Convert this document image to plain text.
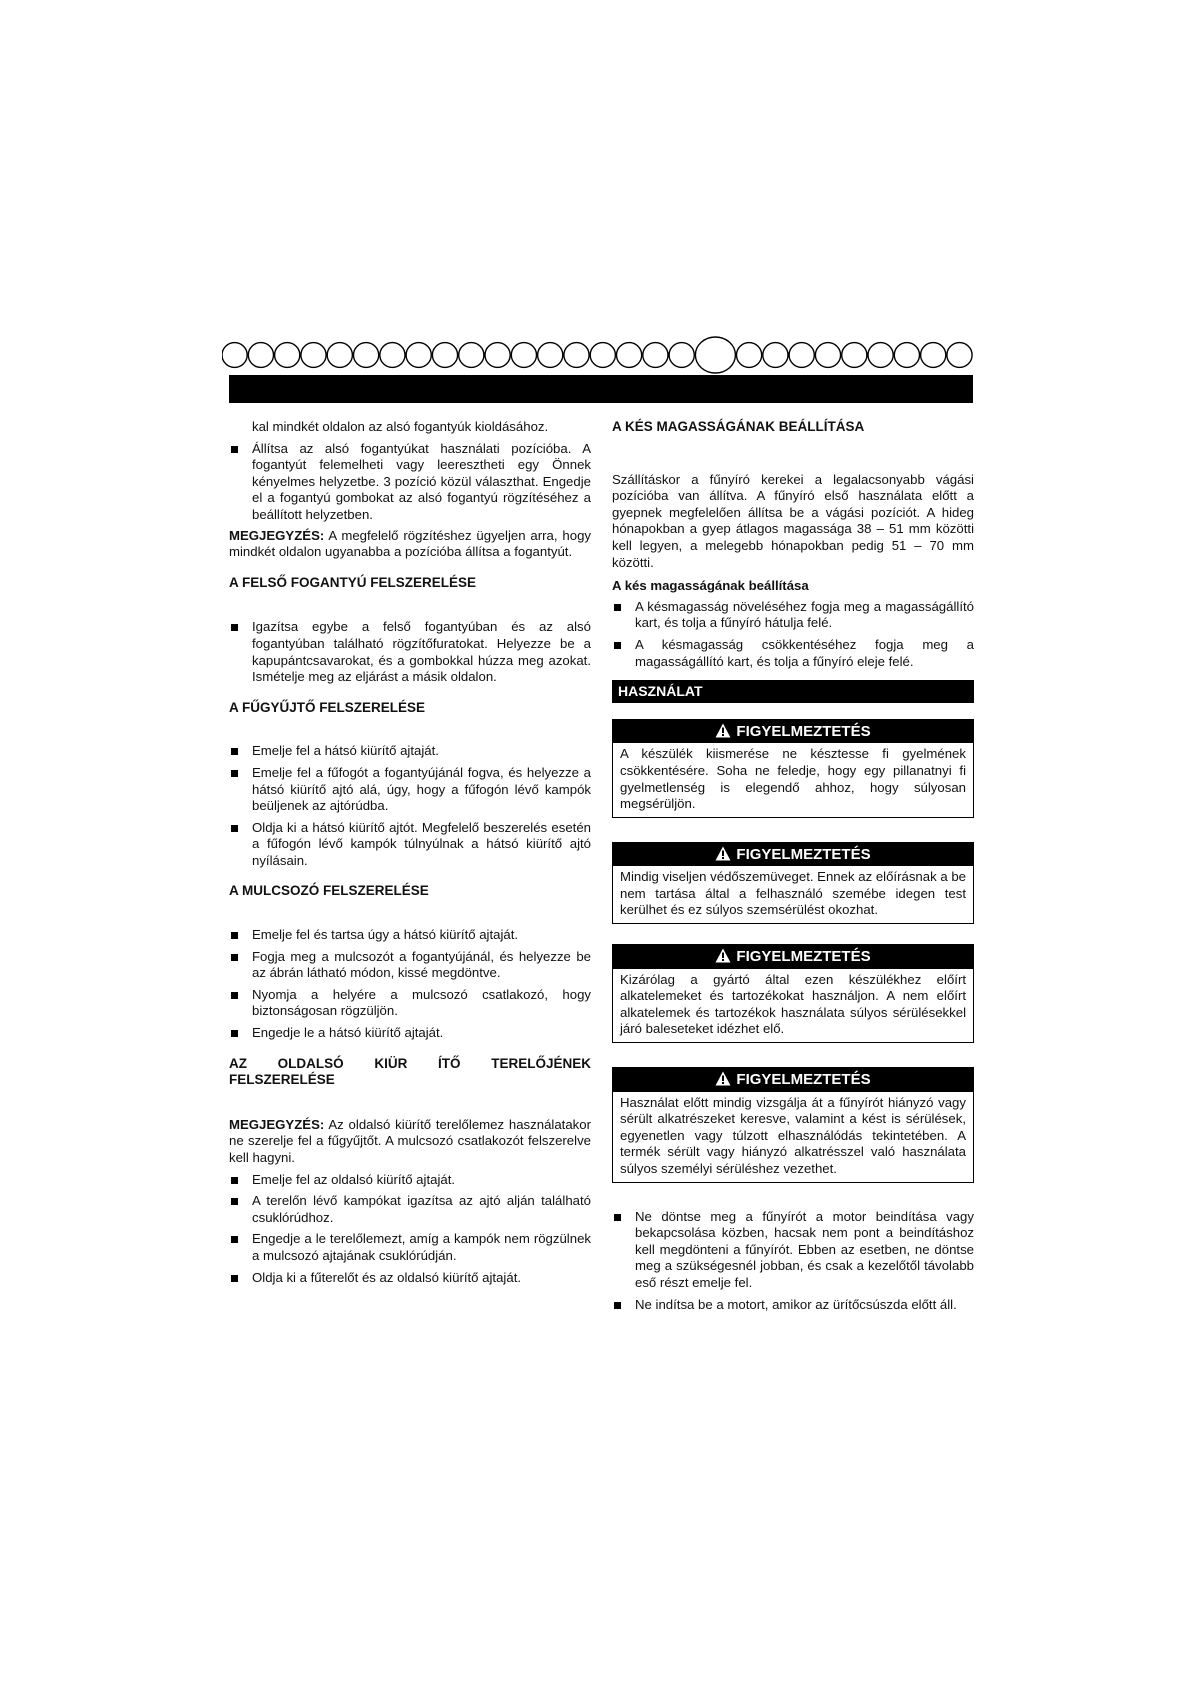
kal mindkét oldalon az alsó fogantyúk kioldásához.

Állítsa az alsó fogantyúkat használati pozícióba. A fogantyút felemelheti vagy leeresztheti egy Önnek kényelmes helyzetbe. 3 pozíció közül választhat. Engedje el a fogantyú gombokat az alsó fogantyú rögzítéséhez a beállított helyzetben.

MEGJEGYZÉS: A megfelelő rögzítéshez ügyeljen arra, hogy mindkét oldalon ugyanabba a pozícióba állítsa a fogantyút.

A FELSŐ FOGANTYÚ FELSZERELÉSE

Igazítsa egybe a felső fogantyúban és az alsó fogantyúban található rögzítőfuratokat. Helyezze be a kapupántcsavarokat, és a gombokkal húzza meg azokat. Ismételje meg az eljárást a másik oldalon.

A FŰGYŰJTŐ FELSZERELÉSE

Emelje fel a hátsó kiürítő ajtaját.
Emelje fel a fűfogót a fogantyújánál fogva, és helyezze a hátsó kiürítő ajtó alá, úgy, hogy a fűfogón lévő kampók beüljenek az ajtórúdba.
Oldja ki a hátsó kiürítő ajtót. Megfelelő beszerelés esetén a fűfogón lévő kampók túlnyúlnak a hátsó kiürítő ajtó nyílásain.

A MULCSOZÓ FELSZERELÉSE

Emelje fel és tartsa úgy a hátsó kiürítő ajtaját.
Fogja meg a mulcsozót a fogantyújánál, és helyezze be az ábrán látható módon, kissé megdöntve.
Nyomja a helyére a mulcsozó csatlakozó, hogy biztonságosan rögzüljön.
Engedje le a hátsó kiürítő ajtaját.

AZ OLDALSÓ KIÜR ÍTŐ TERELŐJÉNEK FELSZERELÉSE

MEGJEGYZÉS: Az oldalsó kiürítő terelőlemez használatakor ne szerelje fel a fűgyűjtőt. A mulcsozó csatlakozót felszerelve kell hagyni.

Emelje fel az oldalsó kiürítő ajtaját.
A terelőn lévő kampókat igazítsa az ajtó alján található csuklórúdhoz.
Engedje a le terelőlemezt, amíg a kampók nem rögzülnek a mulcsozó ajtajának csuklórúdján.
Oldja ki a fűterelőt és az oldalsó kiürítő ajtaját.

A KÉS MAGASSÁGÁNAK BEÁLLÍTÁSA

Szállításkor a fűnyíró kerekei a legalacsonyabb vágási pozícióba van állítva. A fűnyíró első használata előtt a gyepnek megfelelően állítsa be a vágási pozíciót. A hideg hónapokban a gyep átlagos magassága 38 – 51 mm közötti kell legyen, a melegebb hónapokban pedig 51 – 70 mm közötti.

A kés magasságának beállítása

A késmagasság növeléséhez fogja meg a magasságállító kart, és tolja a fűnyíró hátulja felé.
A késmagasság csökkentéséhez fogja meg a magasságállító kart, és tolja a fűnyíró eleje felé.
HASZNÁLAT
FIGYELMEZTETÉS
A készülék kiismerése ne késztesse fi gyelmének csökkentésére. Soha ne feledje, hogy egy pillanatnyi fi gyelmetlenség is elegendő ahhoz, hogy súlyosan megsérüljön.
FIGYELMEZTETÉS
Mindig viseljen védőszemüveget. Ennek az előírásnak a be nem tartása által a felhasználó szemébe idegen test kerülhet és ez súlyos szemsérülést okozhat.
FIGYELMEZTETÉS
Kizárólag a gyártó által ezen készülékhez előírt alkatelemeket és tartozékokat használjon. A nem előírt alkatelemek és tartozékok használata súlyos sérülésekkel járó baleseteket idézhet elő.
FIGYELMEZTETÉS
Használat előtt mindig vizsgálja át a fűnyírót hiányzó vagy sérült alkatrészeket keresve, valamint a kést is sérülések, egyenetlen vagy túlzott elhasználódás tekintetében. A termék sérült vagy hiányzó alkatrésszel való használata súlyos személyi sérüléshez vezethet.
Ne döntse meg a fűnyírót a motor beindítása vagy bekapcsolása közben, hacsak nem pont a beindításhoz kell megdönteni a fűnyírót. Ebben az esetben, ne döntse meg a szükségesnél jobban, és csak a kezelőtől távolabb eső részt emelje fel.
Ne indítsa be a motort, amikor az ürítőcsúszda előtt áll.
